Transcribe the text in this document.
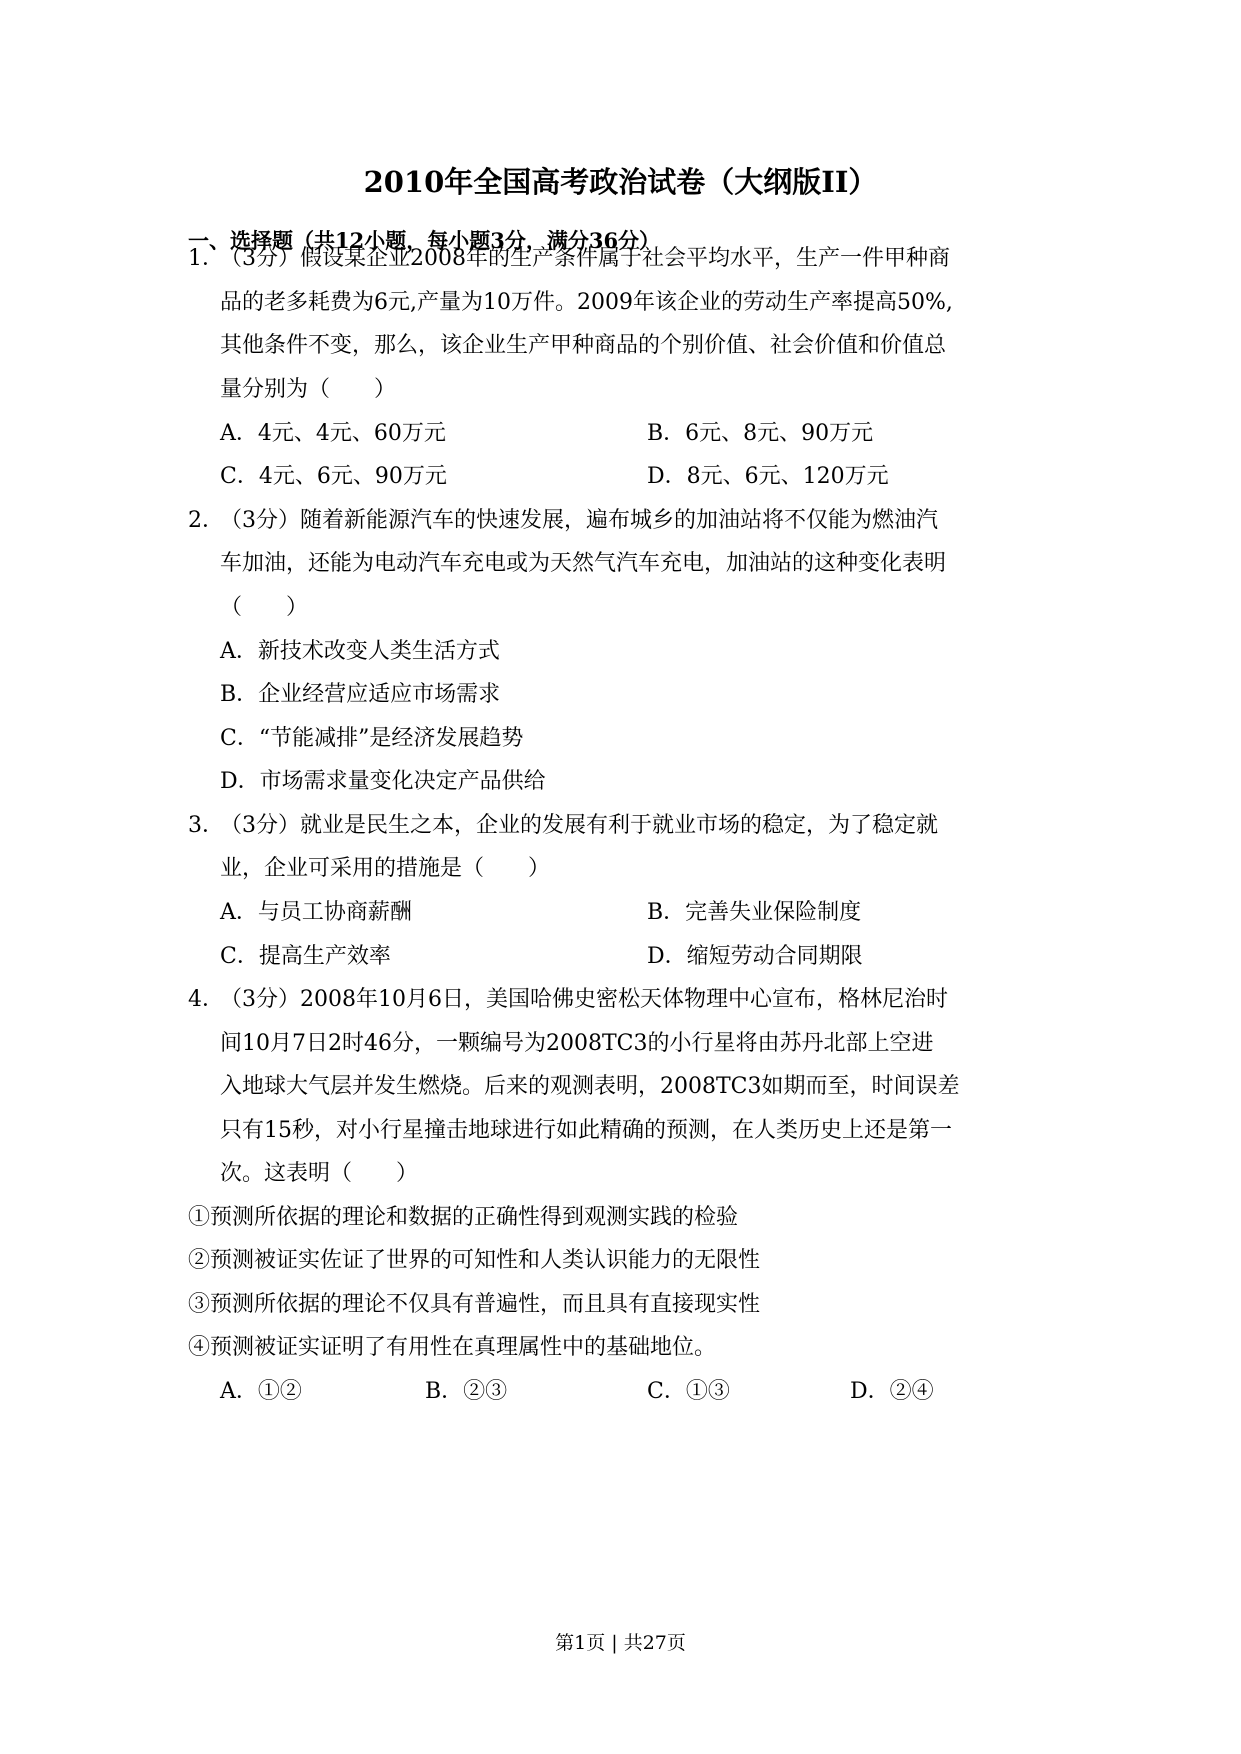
2010年全国高考政治试卷（大纲版II）
一、选择题（共12小题，每小题3分，满分36分）
1．
（3分）假设某企业2008年的生产条件属于社会平均水平，生产一件甲种商
品的老多耗费为6元,产量为10万件。2009年该企业的劳动生产率提高50%,
其他条件不变，那么，该企业生产甲种商品的个别价值、社会价值和价值总
量分别为（　　）
A．4元、4元、60万元	B．6元、8元、90万元
C．4元、6元、90万元	D．8元、6元、120万元
2．
（3分）随着新能源汽车的快速发展，遍布城乡的加油站将不仅能为燃油汽
车加油，还能为电动汽车充电或为天然气汽车充电，加油站的这种变化表明
（　　）
A．新技术改变人类生活方式
B．企业经营应适应市场需求
C．“节能减排”是经济发展趋势
D．市场需求量变化决定产品供给
3．
（3分）就业是民生之本，企业的发展有利于就业市场的稳定，为了稳定就
业，企业可采用的措施是（　　）
A．与员工协商薪酬	B．完善失业保险制度
C．提高生产效率	D．缩短劳动合同期限
4．
（3分）2008年10月6日，美国哈佛史密松天体物理中心宣布，格林尼治时
间10月7日2时46分，一颗编号为2008TC3的小行星将由苏丹北部上空进
入地球大气层并发生燃烧。后来的观测表明，2008TC3如期而至，时间误差
只有15秒，对小行星撞击地球进行如此精确的预测，在人类历史上还是第一
次。这表明（　　）
①预测所依据的理论和数据的正确性得到观测实践的检验
②预测被证实佐证了世界的可知性和人类认识能力的无限性
③预测所依据的理论不仅具有普遍性，而且具有直接现实性
④预测被证实证明了有用性在真理属性中的基础地位。
A．①②	B．②③	C．①③	D．②④
第1页 | 共27页
